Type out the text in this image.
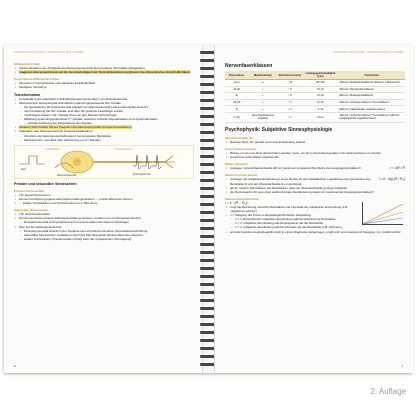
SINNESPHYSIOLOGIE / SENSORISCHE SYSTEME
Differenzial-Fühler
• rasche Abnahme der Amplitude des Rezeptorpotenzials bei konstanter Reizstärke (Adaptation)
• reagieren überproportional auf die Geschwindigkeit der Reizstärkeänderung (phasisches/dynamisches Empfindlichkeit)
Proportional-Differenzial-Fühler
• Sensoren mit dynamischer und statischer Empfindlichkeit
• häufigster Sensortyp
Transformation
• Umwandlung der elektrischen Aktivität (Rezeptorpotenzial) in ein Aktionspotenzial
• Mechanismus: Rezeptorpotenzial aktiviert spannungsgesteuerte Na⁺-Kanäle
– bei quantsiertem Rezeptorpotenzial entsteht ein Aktionspotenzial („Alles-oder-Nichts-Gesetz")
– nach Auslösung hat Na⁺-Kanäle sind über die gesamte Faserlänge verteilt
– myelinisierte Fasern: Na⁺-Kanäle sitzen an den Ranvier-Schnürringen
– Mittellung spannungsgesteuerter K⁺-Kanäle: bewirken schnelle Repolarisation und Hyperpolarisation
– → erhöhte Auflösung bei Weiterleitung des Signals
• stärkerer Reiz bewirkt höhere Frequenz des Aktionspotenzials (Frequenzmodulation)
• Adaptation des Aktionspotenzials (Frequenzadaptation)
– Abnahme der Aktionspotenzialfrequenz bei konstanter Reizstärke
– Mechanismus: vermittelt über Aktivierung von K⁺-Kanälen
Transduktion	Transformation
Reiz
Rezeptorpotenzial	Aktionspotenzial
Primäre und sekundäre Sinneszellen
Primäre Sinneszellen
• z.B. Geruchsrezeptoren
• können bei Reizung eigene Aktionspotenziale generieren → primär afferentes Neuron
• → lokaler Transduktion und Transformation (u.s. Bild oben)
Sekundäre Sinneszellen
• z.B. Geschmackszellen
• können bei Reizung keine Aktionspotenziale generieren, sondern nur ein Rezeptorpotenzial
– Rezeptorpotenzial wird synaptisch auf ein primär afferentes Neuron übertragen
• Sinn bei der Aktionspotenzial ist:
– Rezeptorpotenzial bewirkt in der Synapse eine erhöhte/verminderte Transmitterausschüttung
– sekundäre Sinneszellen modulieren somit das Membranpotenzial des afferenten Neurons
– lokaler Transduktion (Transformation erfolgt nach der synaptischen Übertragung)
6
SINNESPHYSIOLOGIE / SENSORISCHE SYSTEME
Nervenfaserklassen
Faser-klasse	Myelinisierung	Durchmesser [µm]	Leitungsgeschwindigkeit [m/s]	Vorkommen
Aα (I)	++	≈ 15	80–120	Afferenz: Muskelspindelafferenz; Efferenz: α-Motoneuron
Aβ (II)	+	≈ 8	30–70	Afferenz: Haut-Mechanoafferenz
Aγ	+	≈ 5	15–30	Efferenz: Muskelspindelafferenz
Aδ (III)	+	< 3	12–30	Afferenz: nozizeptive Afferenz, Thermoafferenz
B	+	≈ 3	3–15	Efferenz: präganglionäre vegetative Fasern
C (IV)	keine Myelinisierung (marklos)	≈ 1	0,5–2	Afferenz: nozizeptive Afferenz, Thermoafferenz; Efferenz: postganglionäre vegetative Fasern
Psychophysik: Subjektive Sinnesphysiologie
Absolutschwelle R₀
• kleinster Reiz, der gerade noch eine Empfindung auslöst
Unterschiedsschwelle
• Betrag, um den ein Reiz überschritten werden muss, um den Unterschied gerade noch wahrzunehmen zu werden
• bezeichnet auch Weber-Quotient ∆R
Weber-Quotient
c = ∆R / R
• Aussage: Unterschiedsschwelle ∆R ist (meist) ein konstanter Bruchteil c der Ausgangsreizstärke R
Weber-Fechner-Gesetz
I = k · log (R / R₀)
• Aussage: die subjektive Empfindung I eines Reizes ist dem dekadischen Logarithmus des Quotienten aus Reizstärke R und der Absolutschwelle R₀ proportional
• gilt für mittlere Reizstärken, bei Reizstärken nahe der Absolutschwelle geringe Gültigkeit
• der Reizzuwachs für eine eben wahrnehmbare Reizänderung steigt mit zunehmender Ausgangsreizstärke R
Stevens-Potenzfunktion
I = k · (R − R₀)ⁿ
• zeigt die Beziehung zwischen Reizstärke und Intensität der subjektiven Empfindung (z.B. „doppelt so schwer")
• n = Steigung der Kurve in doppeltlogarithmischer Darstellung
– n = 1 (Proportional): subjektive Empfindung wächst identisch zur Reizstärke
– n < 1: subjektive Empfindung wächst langsamer als die Reizstärke
– n > 1: subjektive Empfindung wächst schneller als die Reizstärke (z.B. Schmerz)
• wird die Funktion doppeltlogarithmisch in einem Diagramm aufgetragen, ergibt sich eine Gerade mit Steigung n (s. Grafik rechts)
7
2. Auflage
